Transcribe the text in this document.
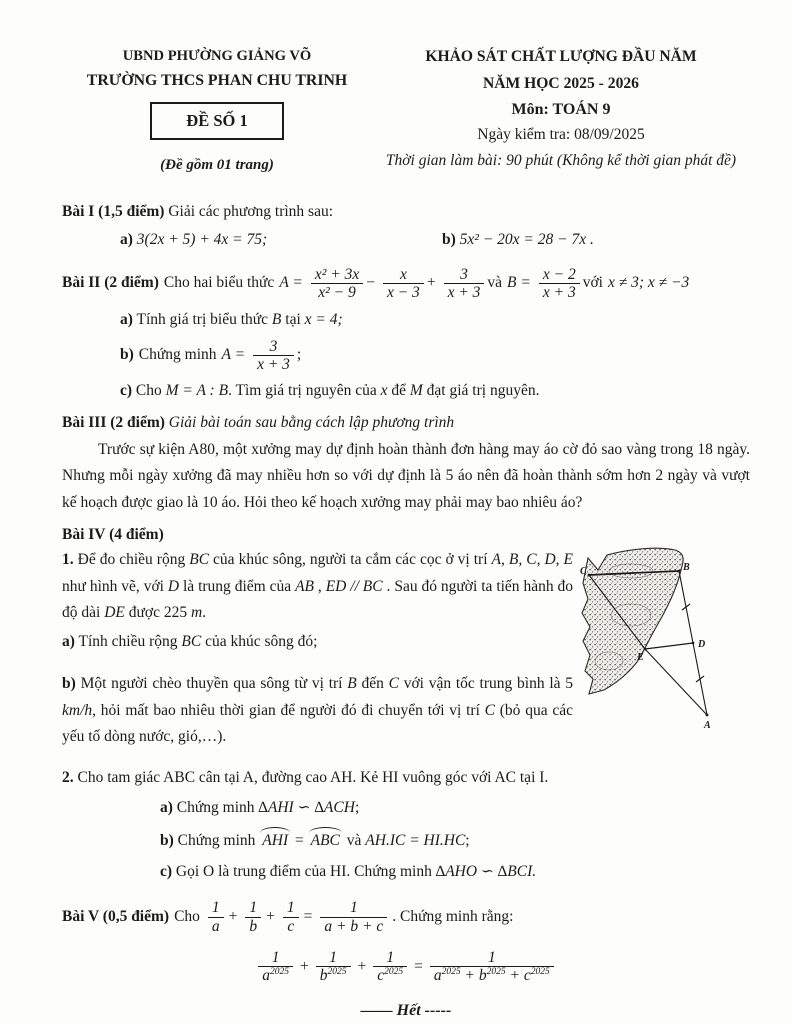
UBND PHƯỜNG GIẢNG VÕ
TRƯỜNG THCS PHAN CHU TRINH
ĐỀ SỐ 1
(Đề gồm 01 trang)
KHẢO SÁT CHẤT LƯỢNG ĐẦU NĂM
NĂM HỌC 2025 - 2026
Môn: TOÁN 9
Ngày kiểm tra: 08/09/2025
Thời gian làm bài: 90 phút (Không kể thời gian phát đề)
Bài I (1,5 điểm) Giải các phương trình sau:
a) 3(2x + 5) + 4x = 75;	b) 5x² − 20x = 28 − 7x .
Bài II (2 điểm) Cho hai biểu thức $A = \frac{\text{x² + 3x}}{\text{x² − 9}} - \frac{x}{x - 3} + \frac{3}{x + 3}$ và $B = \frac{x - 2}{x + 3}$ với x ≠ 3; x ≠ −3
a) Tính giá trị biểu thức B tại x = 4;
b) Chứng minh $A = \frac{3}{x + 3}$ ;
c) Cho M = A : B. Tìm giá trị nguyên của x để M đạt giá trị nguyên.
Bài III (2 điểm) Giải bài toán sau bằng cách lập phương trình

Trước sự kiện A80, một xưởng may dự định hoàn thành đơn hàng may áo cờ đỏ sao vàng trong 18 ngày. Nhưng mỗi ngày xưởng đã may nhiều hơn so với dự định là 5 áo nên đã hoàn thành sớm hơn 2 ngày và vượt kế hoạch được giao là 10 áo. Hỏi theo kế hoạch xưởng may phải may bao nhiêu áo?

Bài IV (4 điểm)
C	B
E
D
A

1. Để đo chiều rộng BC của khúc sông, người ta cắm các cọc ở vị trí A, B, C, D, E như hình vẽ, với D là trung điểm của AB , ED // BC . Sau đó người ta tiến hành đo độ dài DE được 225 m.

a) Tính chiều rộng BC của khúc sông đó;

b) Một người chèo thuyền qua sông từ vị trí B đến C với vận tốc trung bình là 5 km/h, hỏi mất bao nhiêu thời gian để người đó đi chuyển tới vị trí C (bỏ qua các yếu tố dòng nước, gió,…).

2. Cho tam giác ABC cân tại A, đường cao AH. Kẻ HI vuông góc với AC tại I.
a) Chứng minh ∆AHI ∽ ∆ACH;
b) Chứng minh AHI = ABC và AH.IC = HI.HC;
c) Gọi O là trung điểm của HI. Chứng minh ∆AHO ∽ ∆BCI.
Bài V (0,5 điểm) Cho $\frac{1}{a} + \frac{1}{b} + \frac{1}{c} = \frac{1}{a + b + c}$ . Chứng minh rằng:
$\frac{1}{a^{2025}} + \frac{1}{b^{2025}} + \frac{1}{c^{2025}} = \frac{1}{a^{2025} + b^{2025} + c^{2025}}$
—— Hết -----
